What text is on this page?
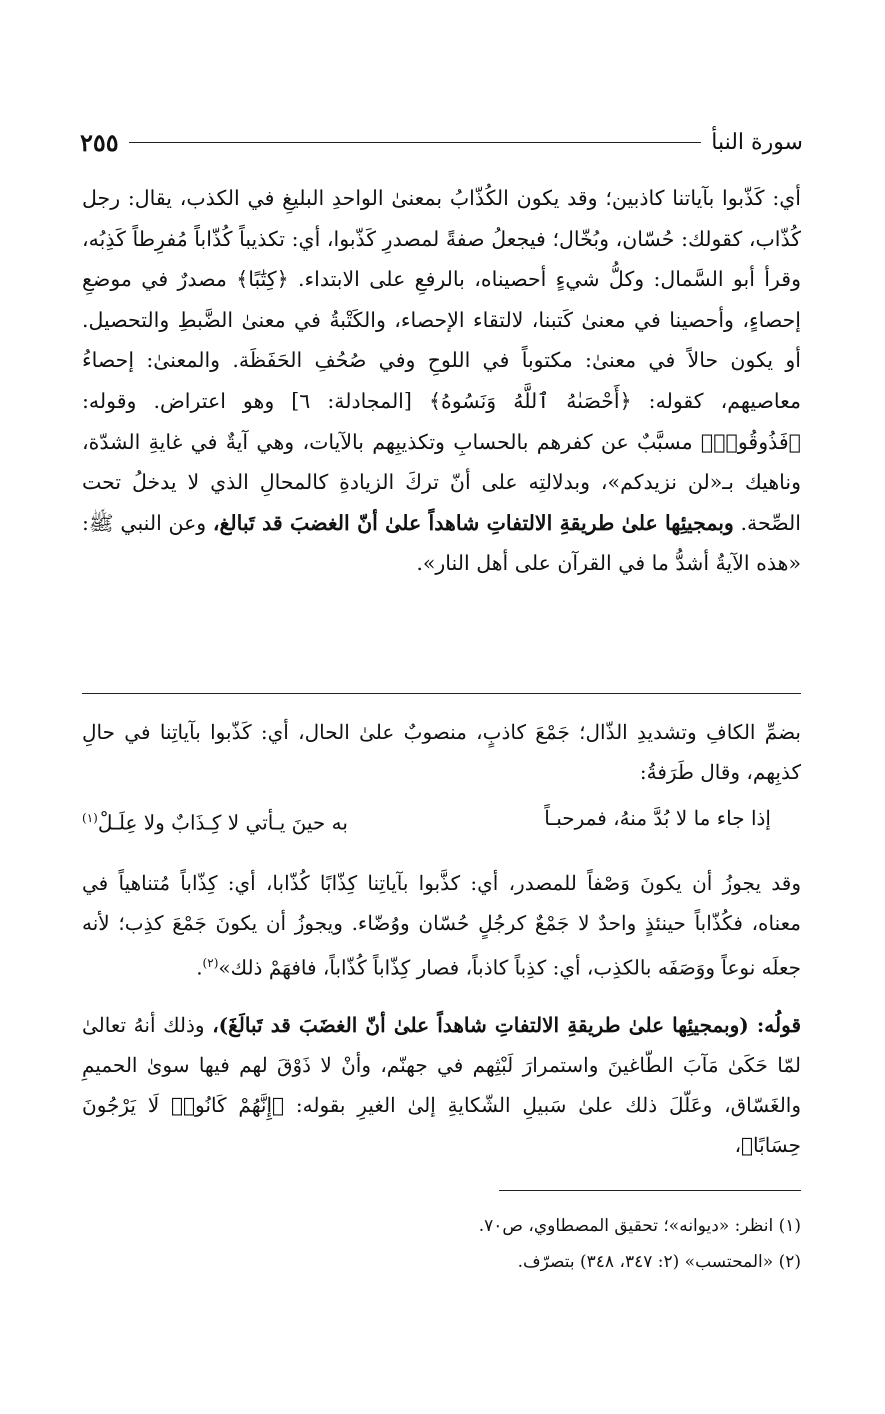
سورة النبأ
٢٥٥

أي: كَذّبوا بآياتنا كاذبين؛ وقد يكون الكُذّابُ بمعنىٰ الواحدِ البليغِ في الكذب، يقال: رجل كُذّاب، كقولك: حُسّان، وبُخّال؛ فيجعلُ صفةً لمصدرِ كَذّبوا، أي: تكذيباً كُذّاباً مُفرِطاً كَذِبُه، وقرأ أبو السَّمال: وكلُّ شيءٍ أحصيناه، بالرفعِ على الابتداء. ﴿كِتَٰبًا﴾ مصدرٌ في موضعِ إحصاءٍ، وأحصينا في معنىٰ كَتبنا، لالتقاء الإحصاء، والكَتْبةُ في معنىٰ الضَّبطِ والتحصيل. أو يكون حالاً في معنىٰ: مكتوباً في اللوحِ وفي صُحُفِ الحَفَظَة. والمعنىٰ: إحصاءُ معاصيهم، كقوله: ﴿أَحْصَىٰهُ ٱللَّهُ وَنَسُوهُ﴾ [المجادلة: ٦] وهو اعتراض. وقوله: ﴿فَذُوقُوا۟﴾ مسبَّبٌ عن كفرهم بالحسابِ وتكذيبِهم بالآيات، وهي آيةٌ في غايةِ الشدّة، وناهيك بـ«لن نزيدكم»، وبدلالتِه على أنّ تركَ الزيادةِ كالمحالِ الذي لا يدخلُ تحت الصِّحة. وبمجيئِها علىٰ طريقةِ الالتفاتِ شاهداً علىٰ أنّ الغضبَ قد تَبالغ، وعن النبي ﷺ: «هذه الآيةُ أشدُّ ما في القرآن على أهل النار».

بضمِّ الكافِ وتشديدِ الذّال؛ جَمْعَ كاذبٍ، منصوبٌ علىٰ الحال، أي: كَذّبوا بآياتِنا في حالِ كذبِهم، وقال طَرَفةُ:

إذا جاء ما لا بُدَّ منهُ، فمرحبـاً
به حينَ يـأتي لا كِـذَابٌ ولا عِلَـلْ$^{(١)}$

وقد يجوزُ أن يكونَ وَصْفاً للمصدر، أي: كذَّبوا بآياتِنا كِذّابًا كُذّابا، أي: كِذّاباً مُتناهياً في معناه، فكُذّاباً حينئذٍ واحدٌ لا جَمْعٌ كرجُلٍ حُسّان ووُضّاء. ويجوزُ أن يكونَ جَمْعَ كذِب؛ لأنه جعلَه نوعاً ووَصَفَه بالكذِب، أي: كذِباً كاذباً، فصار كِذّاباً كُذّاباً، فافهَمْ ذلك»$^{(٢)}$.

قولُه: (وبمجيئِها علىٰ طريقةِ الالتفاتِ شاهداً علىٰ أنّ الغضَبَ قد تَبالَغَ)، وذلك أنهُ تعالىٰ لمّا حَكَىٰ مَآبَ الطّاغينَ واستمرارَ لَبْثِهم في جهنّم، وأنْ لا ذَوْقَ لهم فيها سوىٰ الحميمِ والغَسّاق، وعَلّلَ ذلك علىٰ سَبيلِ الشّكايةِ إلىٰ الغيرِ بقوله: ﴿إِنَّهُمْ كَانُوا۟ لَا يَرْجُونَ حِسَابًا﴾،

(١) انظر: «ديوانه»؛ تحقيق المصطاوي، ص٧٠.
(٢) «المحتسب» (٢: ٣٤٧، ٣٤٨) بتصرّف.
